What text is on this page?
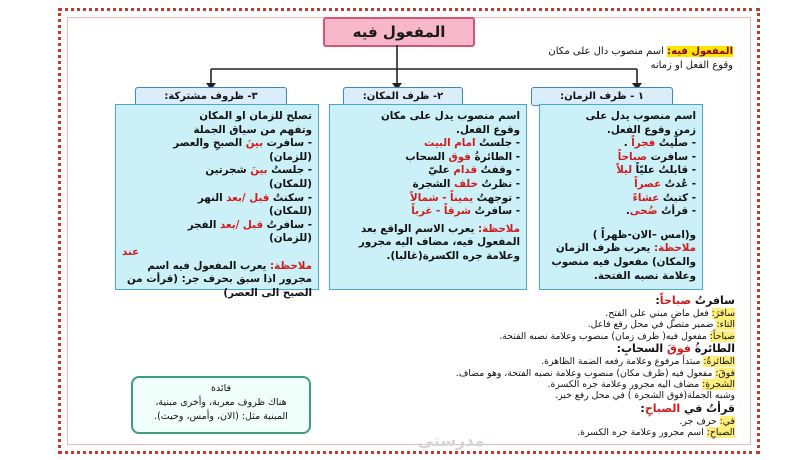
المفعول فيه
المفعول فيه: اسم منصوب دال على مكان
وقوع الفعل او زمانه
١ - ظرف الزمان:
٢- ظرف المكان:
٣- ظروف مشتركة:
اسم منصوب يدل على
زمن وقوع الفعل.
- صلّيتُ فجراً .
- سافرت صباحاً
- قابلتُ عليّاً ليلاً
- عُدتُ عصراً
- كتبتُ عشاءً
- قرأتُ ضُحى.
و(امس –الان-ظهراً )
ملاحظة: يعرب ظرف الزمان والمكان) مفعول فيه منصوب وعلامة نصبه الفتحة.
اسم منصوب يدل على مكان
وقوع الفعل.
- جلستُ امام البيت
- الطائرةُ فوق السحاب
- وقفتُ قدام عليّ
- نظرتُ خلف الشجرة
- توجهتُ يميناً - شمالاً
- سافرتُ شرقاً - غرباً
ملاحظة: يعرب الاسم الواقع بعد المفعول فيه، مضاف اليه مجرور وعلامة جره الكسرة(غالبا).
تصلح للزمان او المكان
وتفهم من سياق الجملة
- سافرت بينَ الصبحِ والعصر
(للزمان)
- جلستُ بينَ شجرتين
(للمكان)
- سكنتُ قبل /بعد النهر
(للمكان)
- سافرتُ قبل /بعد الفجر
(للزمان)
عند
ملاحظة: يعرب المفعول فيه اسم مجرور اذا سبق بحرف جر: (قرأت من الصبح الى العصر)
سافرتُ صباحاً:
سافرَ: فعل ماضٍ مبني على الفتح.
التاء: ضمير متصل في محل رفع فاعل.
صباحاً: مفعول فيه( ظرف زمان) منصوب وعلامة نصبه الفتحة.
الطائرةُ فوقَ السحابِ:
الطائرةُ: مبتدأ مرفوع وعلامة رفعه الضمة الظاهرة.
فوقَ: مفعول فيه (ظرف مكان) منصوب وعلامة نصبه الفتحة، وهو مضاف.
الشجرةِ: مضاف اليه مجرور وعلامة جره الكسرة.
وشبه الجملة(فوق الشجرة ) في محل رفع خبر.
قرأتُ في الصباحِ:
في: حرف جر.
الصباحِ: اسم مجرور وعلامة جره الكسرة.
فائدة
هناك ظروف معربة، وأخرى مبنية،
المبنية مثل: (الان، وأمس، وحيث).
مدرستي
